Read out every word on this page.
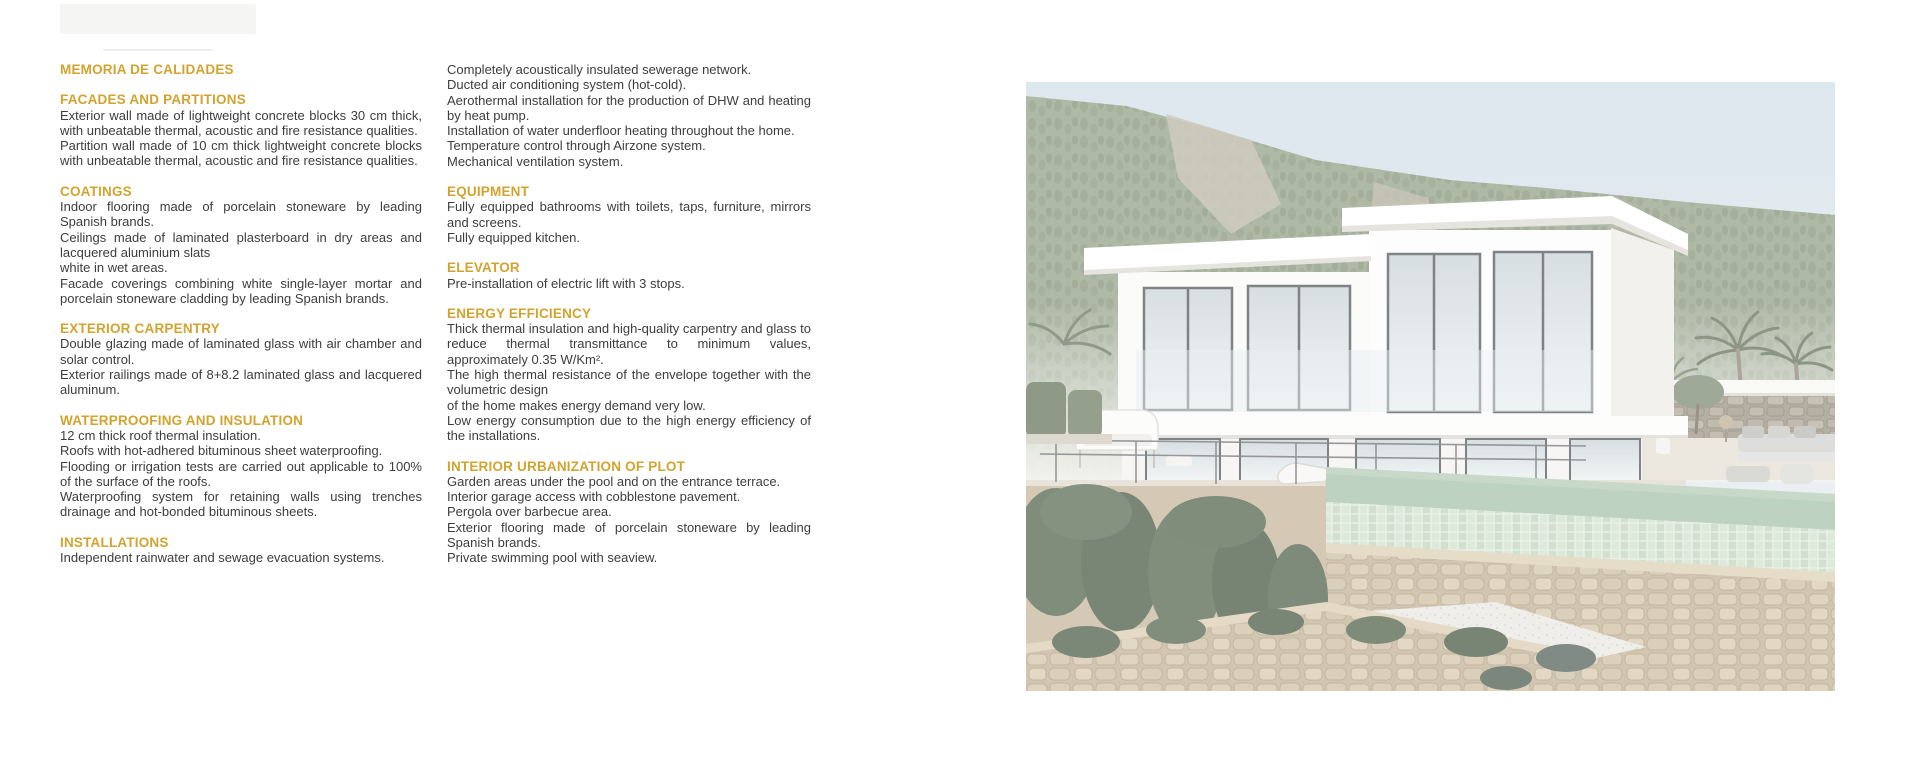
MEMORIA DE CALIDADES
FACADES AND PARTITIONS

Exterior wall made of lightweight concrete blocks 30 cm thick, with unbeatable thermal, acoustic and fire resistance qualities.

Partition wall made of 10 cm thick lightweight concrete blocks with unbeatable thermal, acoustic and fire resistance qualities.

COATINGS

Indoor flooring made of porcelain stoneware by leading Spanish brands.

Ceilings made of laminated plasterboard in dry areas and lacquered aluminium slats

white in wet areas.

Facade coverings combining white single-layer mortar and porcelain stoneware cladding by leading Spanish brands.

EXTERIOR CARPENTRY

Double glazing made of laminated glass with air chamber and solar control.

Exterior railings made of 8+8.2 laminated glass and lacquered aluminum.

WATERPROOFING AND INSULATION

12 cm thick roof thermal insulation.

Roofs with hot-adhered bituminous sheet waterproofing.

Flooding or irrigation tests are carried out applicable to 100% of the surface of the roofs.

Waterproofing system for retaining walls using trenches drainage and hot-bonded bituminous sheets.

INSTALLATIONS

Independent rainwater and sewage evacuation systems.

Completely acoustically insulated sewerage network.

Ducted air conditioning system (hot-cold).

Aerothermal installation for the production of DHW and heating by heat pump.

Installation of water underfloor heating throughout the home.

Temperature control through Airzone system.

Mechanical ventilation system.

EQUIPMENT

Fully equipped bathrooms with toilets, taps, furniture, mirrors and screens.

Fully equipped kitchen.

ELEVATOR

Pre-installation of electric lift with 3 stops.

ENERGY EFFICIENCY

Thick thermal insulation and high-quality carpentry and glass to reduce thermal transmittance to minimum values, approximately 0.35 W/Km².

The high thermal resistance of the envelope together with the volumetric design

of the home makes energy demand very low.

Low energy consumption due to the high energy efficiency of the installations.

INTERIOR URBANIZATION OF PLOT

Garden areas under the pool and on the entrance terrace.

Interior garage access with cobblestone pavement.

Pergola over barbecue area.

Exterior flooring made of porcelain stoneware by leading Spanish brands.

Private swimming pool with seaview.
